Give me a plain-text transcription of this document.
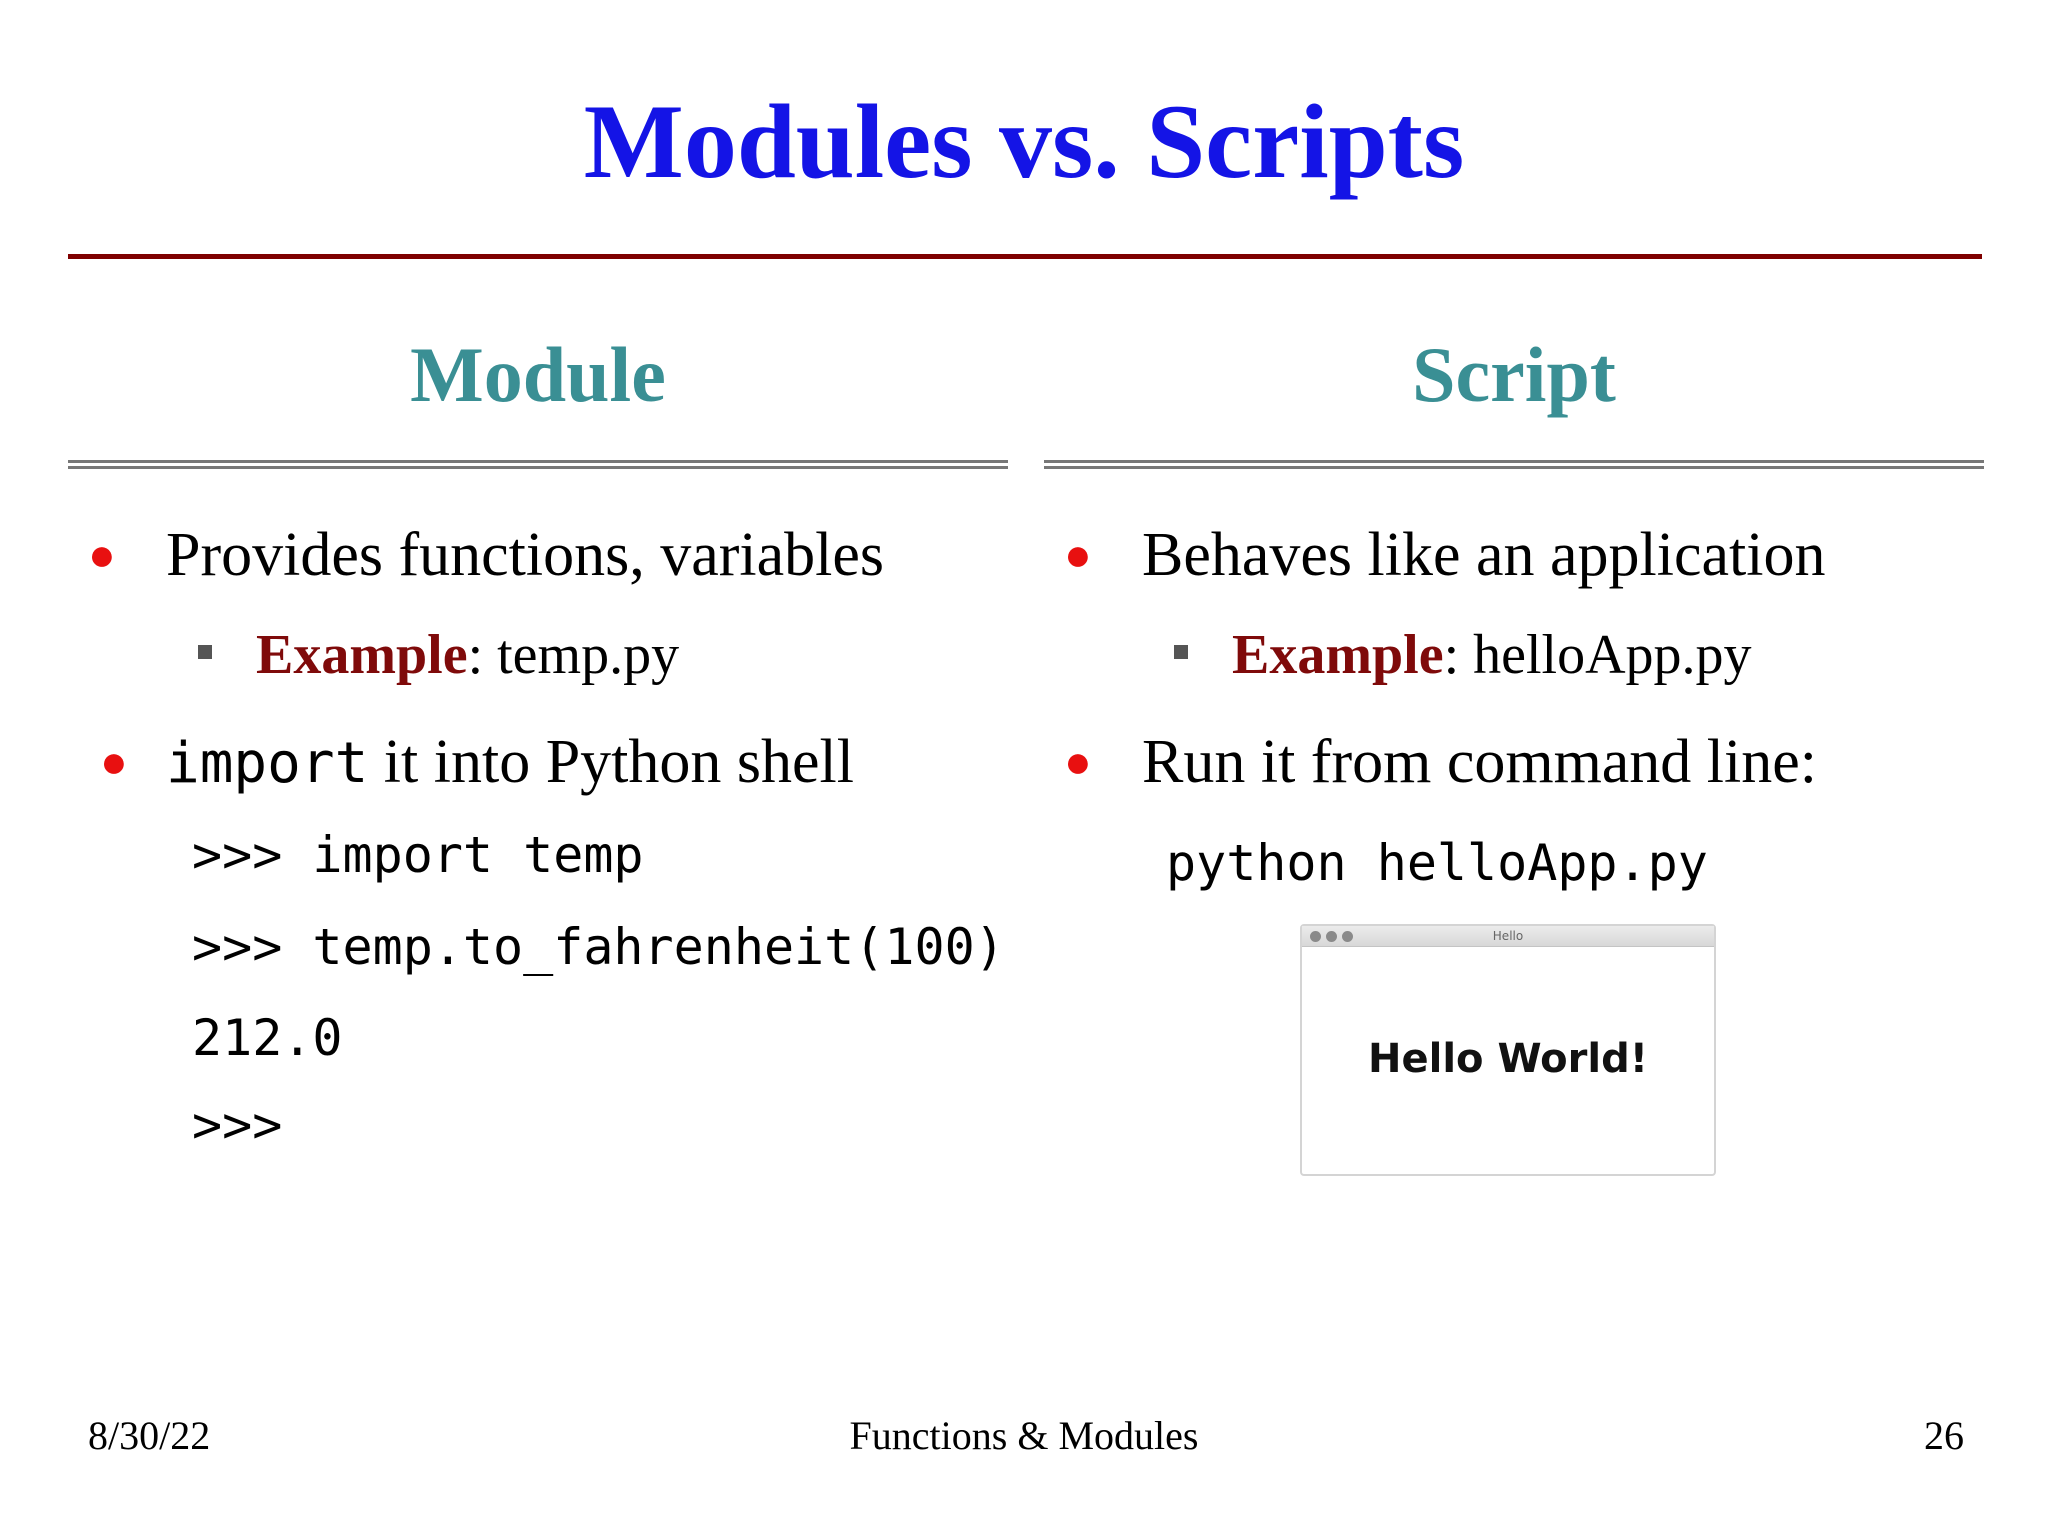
Modules vs. Scripts
Module
● Provides functions, variables
Example: temp.py
● import it into Python shell
>>> import temp
>>> temp.to_fahrenheit(100)
212.0
>>>
Script
● Behaves like an application
Example: helloApp.py
● Run it from command line:
python helloApp.py
Hello
Hello World!
8/30/22	Functions & Modules	26
